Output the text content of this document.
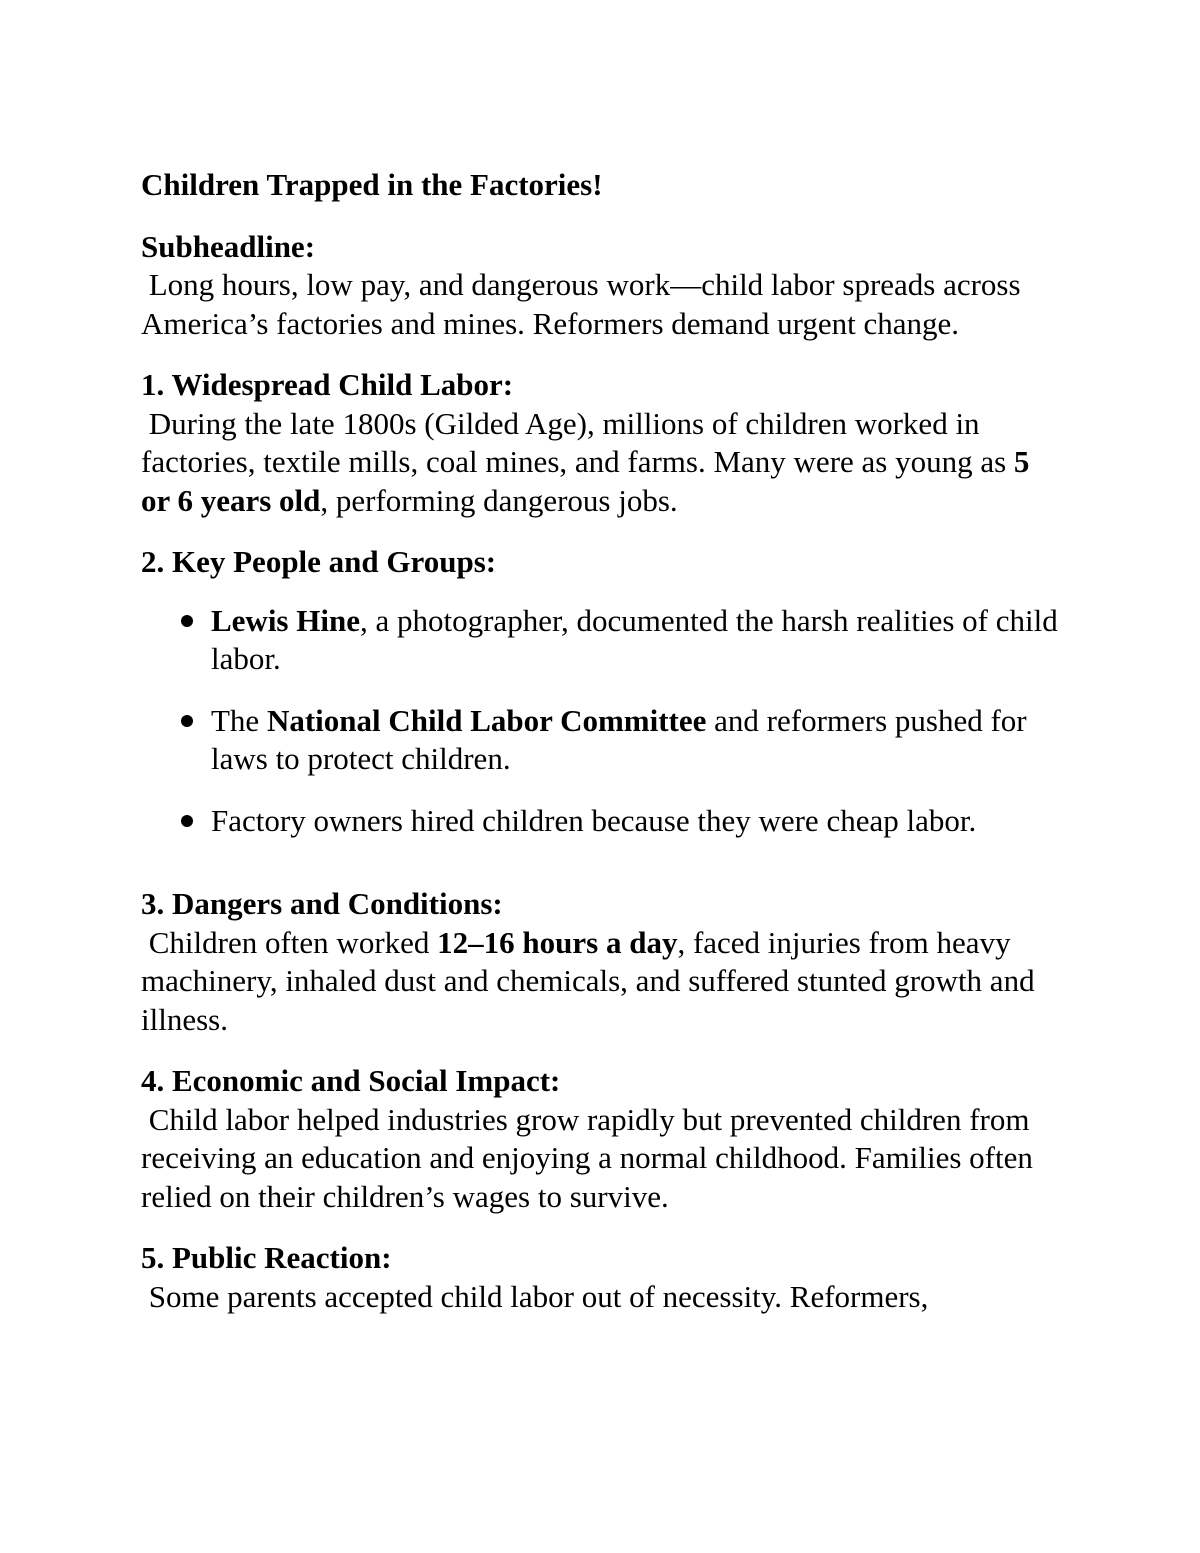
Children Trapped in the Factories!

Subheadline:

Long hours, low pay, and dangerous work—child labor spreads across America’s factories and mines. Reformers demand urgent change.

1. Widespread Child Labor:

During the late 1800s (Gilded Age), millions of children worked in factories, textile mills, coal mines, and farms. Many were as young as 5 or 6 years old, performing dangerous jobs.

2. Key People and Groups:

Lewis Hine, a photographer, documented the harsh realities of child labor.
The National Child Labor Committee and reformers pushed for laws to protect children.
Factory owners hired children because they were cheap labor.

3. Dangers and Conditions:

Children often worked 12–16 hours a day, faced injuries from heavy machinery, inhaled dust and chemicals, and suffered stunted growth and illness.

4. Economic and Social Impact:

Child labor helped industries grow rapidly but prevented children from receiving an education and enjoying a normal childhood. Families often relied on their children’s wages to survive.

5. Public Reaction:

Some parents accepted child labor out of necessity. Reformers,
